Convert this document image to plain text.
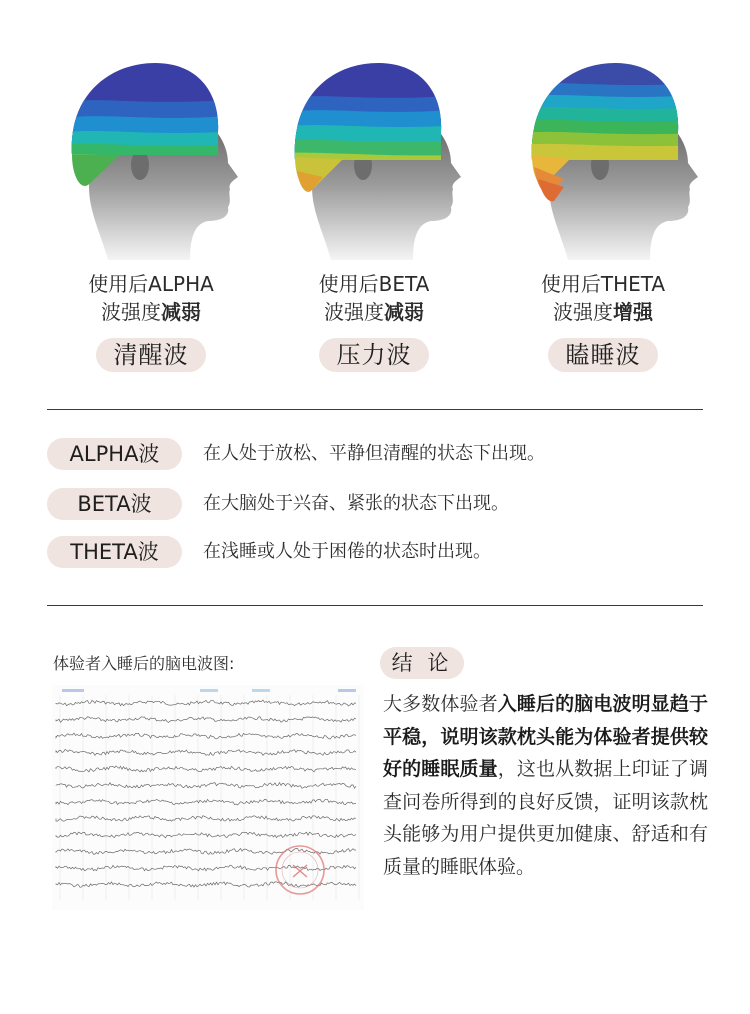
使用后ALPHA
波强度减弱
清醒波
使用后BETA
波强度减弱
压力波
使用后THETA
波强度增强
瞌睡波
ALPHA波	在人处于放松、平静但清醒的状态下出现。
BETA波	在大脑处于兴奋、紧张的状态下出现。
THETA波	在浅睡或人处于困倦的状态时出现。
体验者入睡后的脑电波图:	结 论
大多数体验者入睡后的脑电波明显趋于平稳，说明该款枕头能为体验者提供较好的睡眠质量，这也从数据上印证了调查问卷所得到的良好反馈，证明该款枕头能够为用户提供更加健康、舒适和有质量的睡眠体验。
